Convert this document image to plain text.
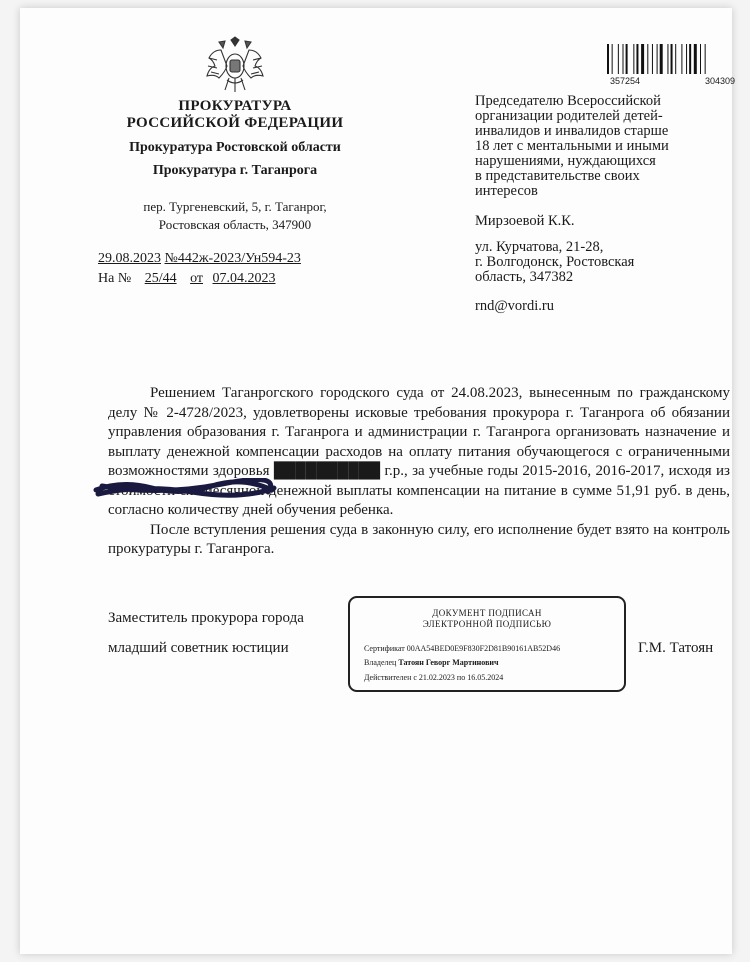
ПРОКУРАТУРА
РОССИЙСКОЙ ФЕДЕРАЦИИ
Прокуратура Ростовской области
Прокуратура г. Таганрога
пер. Тургеневский, 5, г. Таганрог,
Ростовская область, 347900
29.08.2023 №442ж-2023/Ун594-23
На № 25/44 от 07.04.2023
357254	304309
Председателю Всероссийской
организации родителей детей-
инвалидов и инвалидов старше
18 лет с ментальными и иными
нарушениями, нуждающихся
в представительстве своих
интересов
Мирзоевой К.К.
ул. Курчатова, 21-28,
г. Волгодонск, Ростовская
область, 347382
rnd@vordi.ru

Решением Таганрогского городского суда от 24.08.2023, вынесенным по гражданскому делу № 2-4728/2023, удовлетворены исковые требования прокурора г. Таганрога об обязании управления образования г. Таганрога и администрации г. Таганрога организовать назначение и выплату денежной компенсации расходов на оплату питания обучающегося с ограниченными возможностями здоровья ██████████ г.р., за учебные годы 2015-2016, 2016-2017, исходя из стоимости ежемесячной денежной выплаты компенсации на питание в сумме 51,91 руб. в день, согласно количеству дней обучения ребенка.

После вступления решения суда в законную силу, его исполнение будет взято на контроль прокуратуры г. Таганрога.

Заместитель прокурора города
младший советник юстиции
ДОКУМЕНТ ПОДПИСАН
ЭЛЕКТРОННОЙ ПОДПИСЬЮ
Сертификат 00AA54BED0E9F830F2D81B90161AB52D46
Владелец Татоян Геворг Мартинович
Действителен с 21.02.2023 по 16.05.2024
Г.М. Татоян
